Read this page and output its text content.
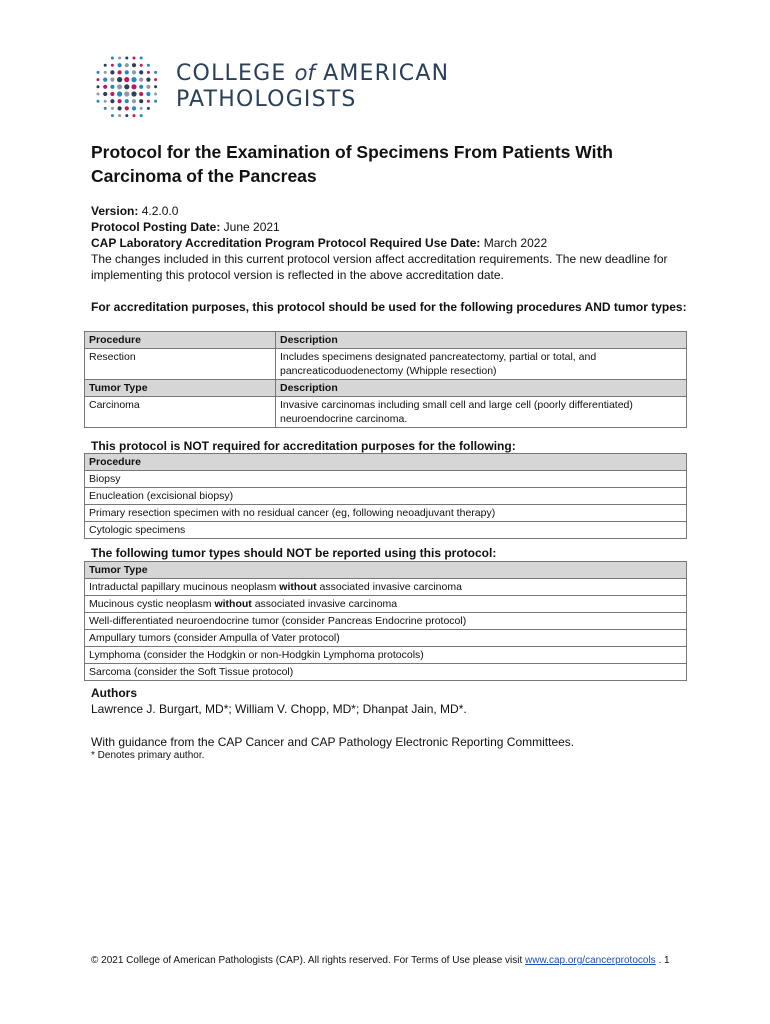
COLLEGE of AMERICAN
PATHOLOGISTS
Protocol for the Examination of Specimens From Patients With Carcinoma of the Pancreas

Version: 4.2.0.0

Protocol Posting Date: June 2021

CAP Laboratory Accreditation Program Protocol Required Use Date: March 2022

The changes included in this current protocol version affect accreditation requirements. The new deadline for implementing this protocol version is reflected in the above accreditation date.

For accreditation purposes, this protocol should be used for the following procedures AND tumor types:

Procedure	Description
Resection	Includes specimens designated pancreatectomy, partial or total, and pancreaticoduodenectomy (Whipple resection)
Tumor Type	Description
Carcinoma	Invasive carcinomas including small cell and large cell (poorly differentiated) neuroendocrine carcinoma.

This protocol is NOT required for accreditation purposes for the following:

Procedure
Biopsy
Enucleation (excisional biopsy)
Primary resection specimen with no residual cancer (eg, following neoadjuvant therapy)
Cytologic specimens

The following tumor types should NOT be reported using this protocol:

Tumor Type
Intraductal papillary mucinous neoplasm without associated invasive carcinoma
Mucinous cystic neoplasm without associated invasive carcinoma
Well-differentiated neuroendocrine tumor (consider Pancreas Endocrine protocol)
Ampullary tumors (consider Ampulla of Vater protocol)
Lymphoma (consider the Hodgkin or non-Hodgkin Lymphoma protocols)
Sarcoma (consider the Soft Tissue protocol)

Authors

Lawrence J. Burgart, MD*; William V. Chopp, MD*; Dhanpat Jain, MD*.

With guidance from the CAP Cancer and CAP Pathology Electronic Reporting Committees.

* Denotes primary author.

© 2021 College of American Pathologists (CAP). All rights reserved. For Terms of Use please visit www.cap.org/cancerprotocols . 1
